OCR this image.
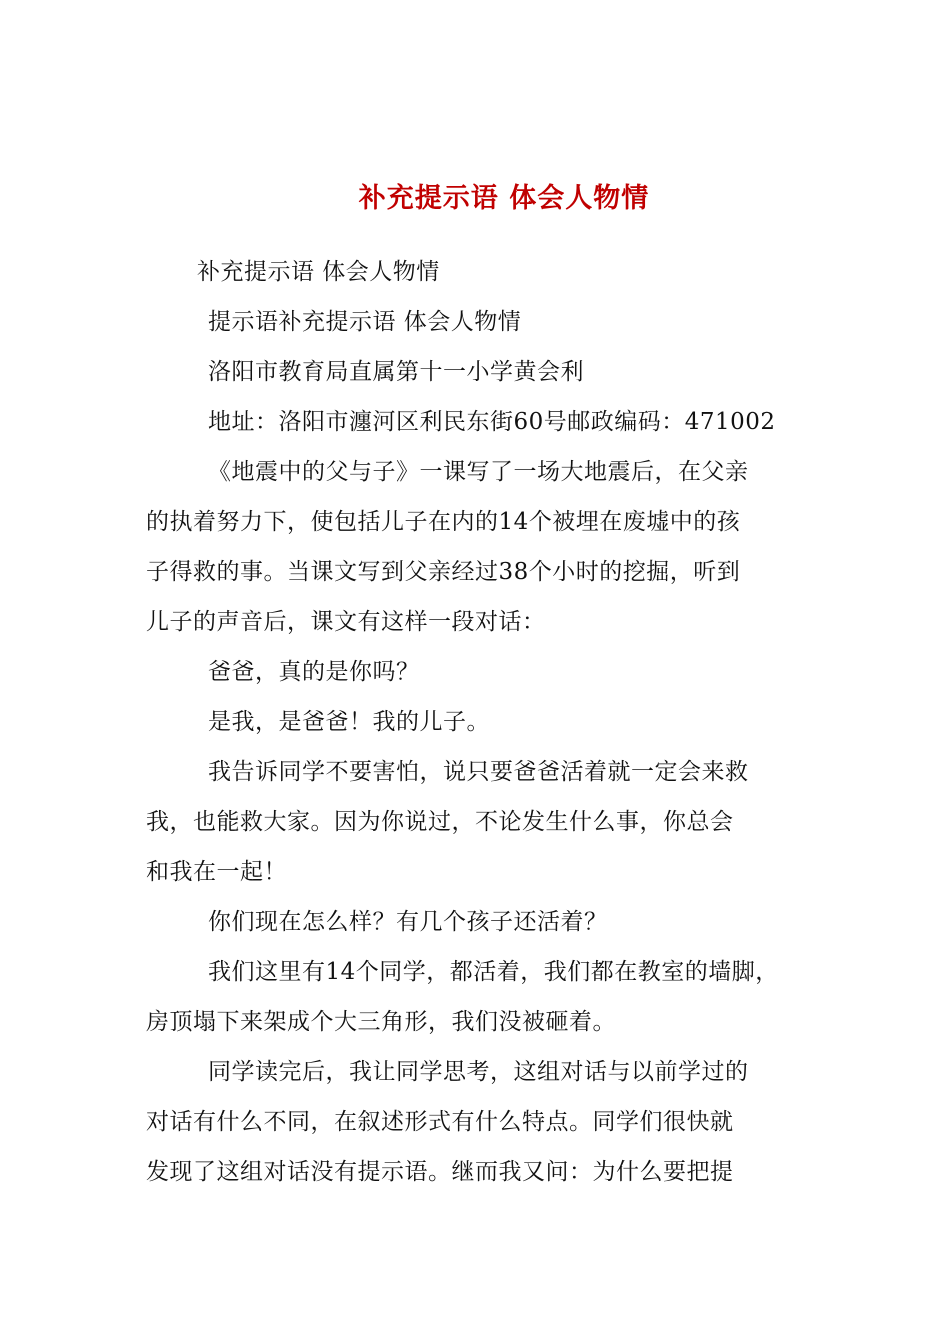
补充提示语 体会人物情
补充提示语 体会人物情
提示语补充提示语 体会人物情
洛阳市教育局直属第十一小学黄会利
地址：洛阳市瀍河区利民东街60号邮政编码：471002
《地震中的父与子》一课写了一场大地震后，在父亲
的执着努力下，使包括儿子在内的14个被埋在废墟中的孩
子得救的事。当课文写到父亲经过38个小时的挖掘，听到
儿子的声音后，课文有这样一段对话：
爸爸，真的是你吗？
是我，是爸爸！我的儿子。
我告诉同学不要害怕，说只要爸爸活着就一定会来救
我，也能救大家。因为你说过，不论发生什么事，你总会
和我在一起！
你们现在怎么样？有几个孩子还活着？
我们这里有14个同学，都活着，我们都在教室的墙脚，
房顶塌下来架成个大三角形，我们没被砸着。
同学读完后，我让同学思考，这组对话与以前学过的
对话有什么不同，在叙述形式有什么特点。同学们很快就
发现了这组对话没有提示语。继而我又问：为什么要把提
